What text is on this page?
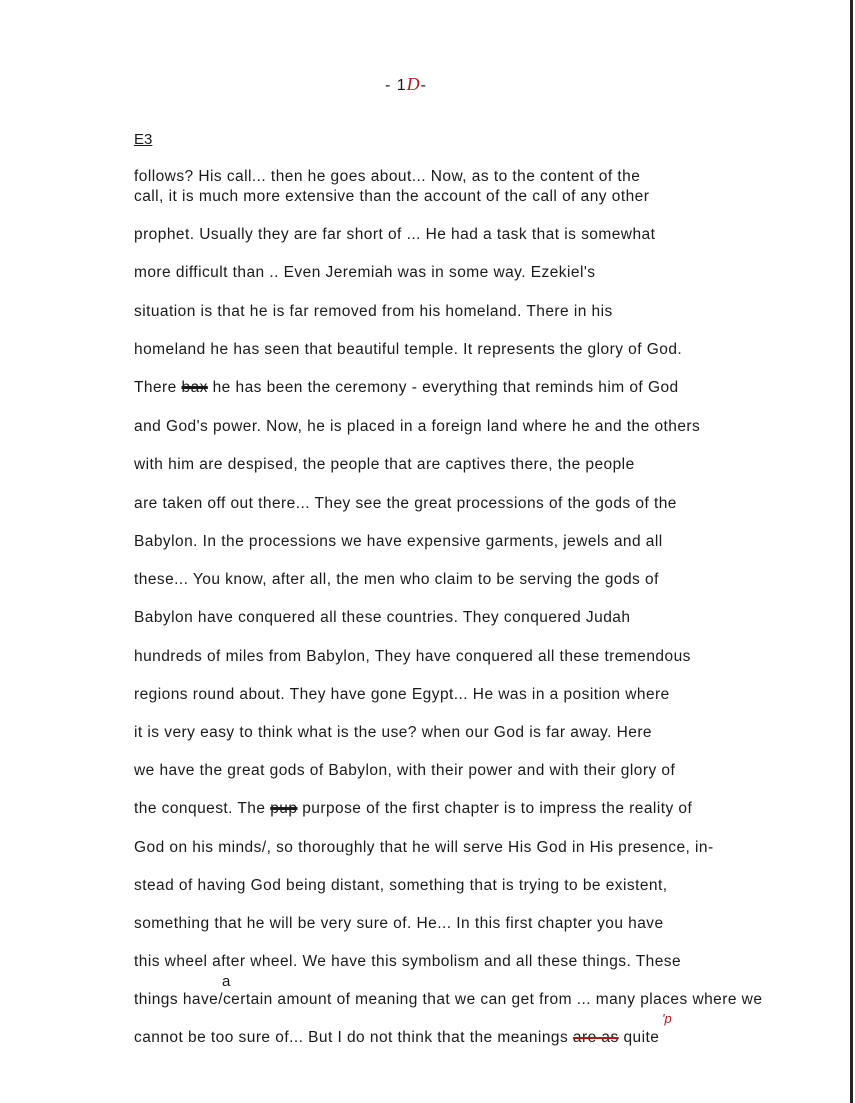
- 1D-
E3
follows? His call... then he goes about... Now, as to the content of the
call, it is much more extensive than the account of the call of any other
prophet. Usually they are far short of ... He had a task that is somewhat
more difficult than .. Even Jeremiah was in some way. Ezekiel's
situation is that he is far removed from his homeland. There in his
homeland he has seen that beautiful temple. It represents the glory of God.
and God's power. Now, he is placed in a foreign land where he and the others
with him are despised, the people that are captives there, the people
are taken off out there... They see the great processions of the gods of the
Babylon. In the processions we have expensive garments, jewels and all
these... You know, after all, the men who claim to be serving the gods of
Babylon have conquered all these countries. They conquered Judah
hundreds of miles from Babylon, They have conquered all these tremendous
regions round about. They have gone Egypt... He was in a position where
it is very easy to think what is the use? when our God is far away. Here
we have the great gods of Babylon, with their power and with their glory of
God on his minds/, so thoroughly that he will serve His God in His presence, in-
stead of having God being distant, something that is trying to be existent,
something that he will be very sure of. He... In this first chapter you have
this wheel after wheel. We have this symbolism and all these things. These
things have/certain amount of meaning that we can get from ... many places where we
There bax he has been the ceremony - everything that reminds him of God
the conquest. The pup purpose of the first chapter is to impress the reality of
a
'p
cannot be too sure of... But I do not think that the meanings are as quite
